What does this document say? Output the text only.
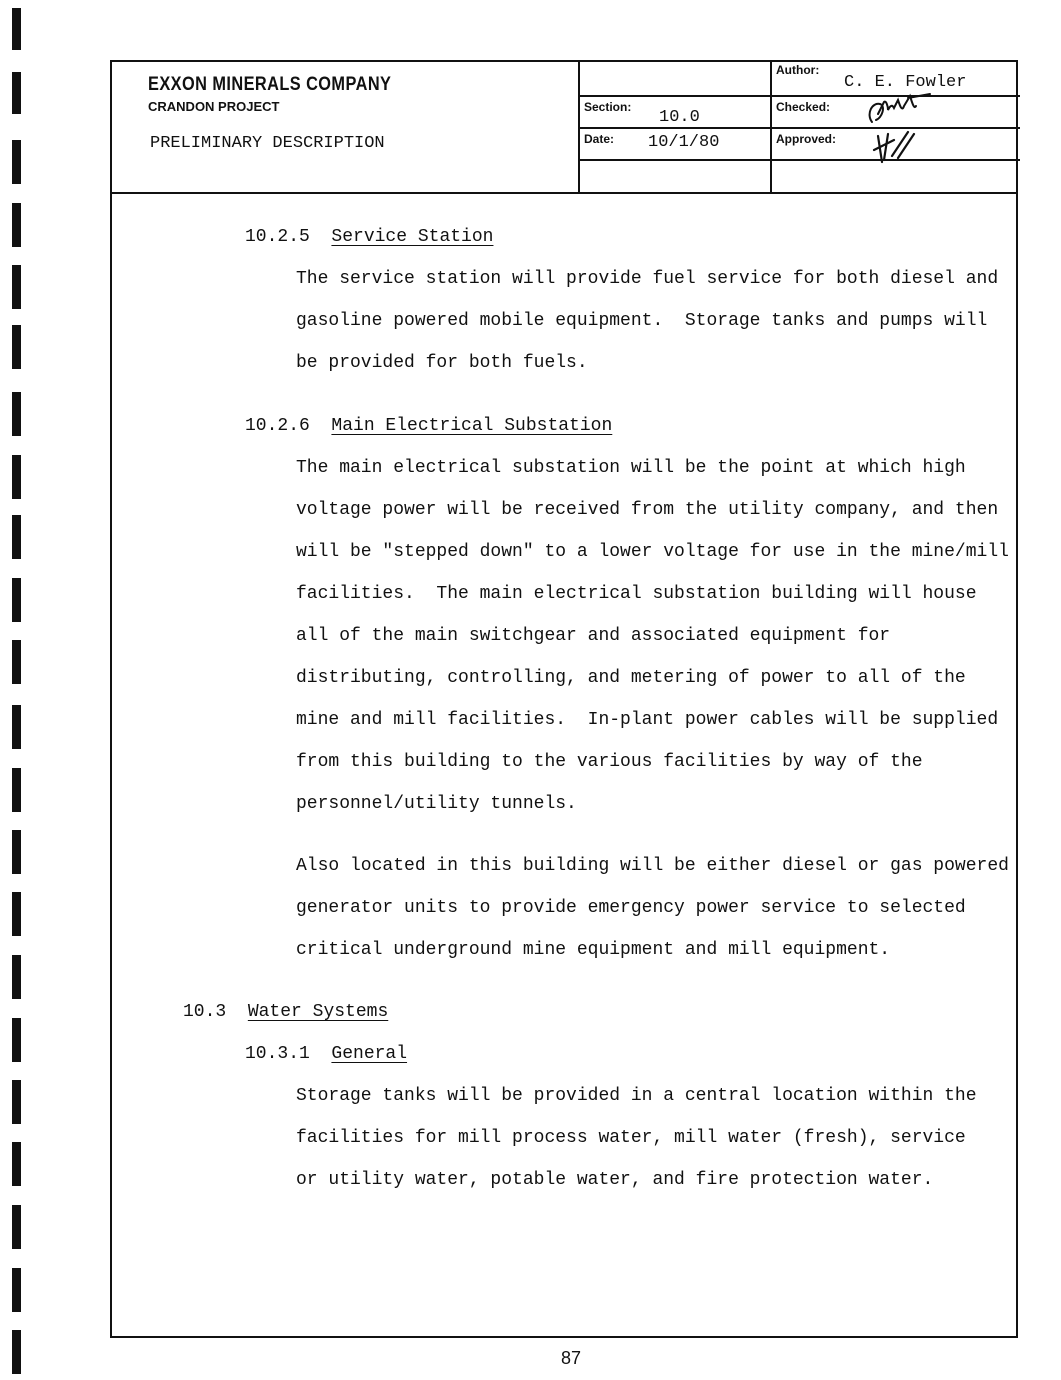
EXXON MINERALS COMPANY
CRANDON PROJECT
PRELIMINARY DESCRIPTION
Author:
C. E. Fowler
Section:
10.0
Checked:
Date: 10/1/80	Approved:
10.2.5 Service Station
The service station will provide fuel service for both diesel and
gasoline powered mobile equipment.  Storage tanks and pumps will
be provided for both fuels.
10.2.6 Main Electrical Substation
The main electrical substation will be the point at which high
voltage power will be received from the utility company, and then
will be "stepped down" to a lower voltage for use in the mine/mill
facilities.  The main electrical substation building will house
all of the main switchgear and associated equipment for
distributing, controlling, and metering of power to all of the
mine and mill facilities.  In-plant power cables will be supplied
from this building to the various facilities by way of the
personnel/utility tunnels.
Also located in this building will be either diesel or gas powered
generator units to provide emergency power service to selected
critical underground mine equipment and mill equipment.
10.3 Water Systems
10.3.1 General
Storage tanks will be provided in a central location within the
facilities for mill process water, mill water (fresh), service
or utility water, potable water, and fire protection water.
87
